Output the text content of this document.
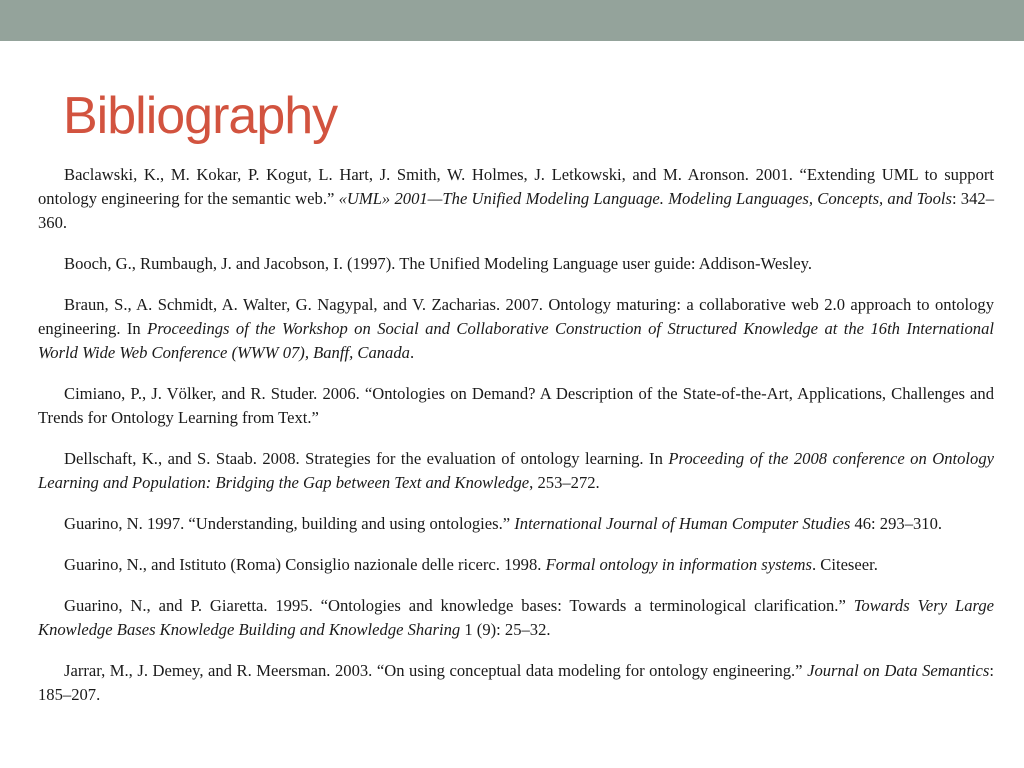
Bibliography

Baclawski, K., M. Kokar, P. Kogut, L. Hart, J. Smith, W. Holmes, J. Letkowski, and M. Aronson. 2001. “Extending UML to support ontology engineering for the semantic web.” «UML» 2001—The Unified Modeling Language. Modeling Languages, Concepts, and Tools: 342–360.

Booch, G., Rumbaugh, J. and Jacobson, I. (1997). The Unified Modeling Language user guide: Addison-Wesley.

Braun, S., A. Schmidt, A. Walter, G. Nagypal, and V. Zacharias. 2007. Ontology maturing: a collaborative web 2.0 approach to ontology engineering. In Proceedings of the Workshop on Social and Collaborative Construction of Structured Knowledge at the 16th International World Wide Web Conference (WWW 07), Banff, Canada.

Cimiano, P., J. Völker, and R. Studer. 2006. “Ontologies on Demand? A Description of the State-of-the-Art, Applications, Challenges and Trends for Ontology Learning from Text.”

Dellschaft, K., and S. Staab. 2008. Strategies for the evaluation of ontology learning. In Proceeding of the 2008 conference on Ontology Learning and Population: Bridging the Gap between Text and Knowledge, 253–272.

Guarino, N. 1997. “Understanding, building and using ontologies.” International Journal of Human Computer Studies 46: 293–310.

Guarino, N., and Istituto (Roma) Consiglio nazionale delle ricerc. 1998. Formal ontology in information systems. Citeseer.

Guarino, N., and P. Giaretta. 1995. “Ontologies and knowledge bases: Towards a terminological clarification.” Towards Very Large Knowledge Bases Knowledge Building and Knowledge Sharing 1 (9): 25–32.

Jarrar, M., J. Demey, and R. Meersman. 2003. “On using conceptual data modeling for ontology engineering.” Journal on Data Semantics: 185–207.
